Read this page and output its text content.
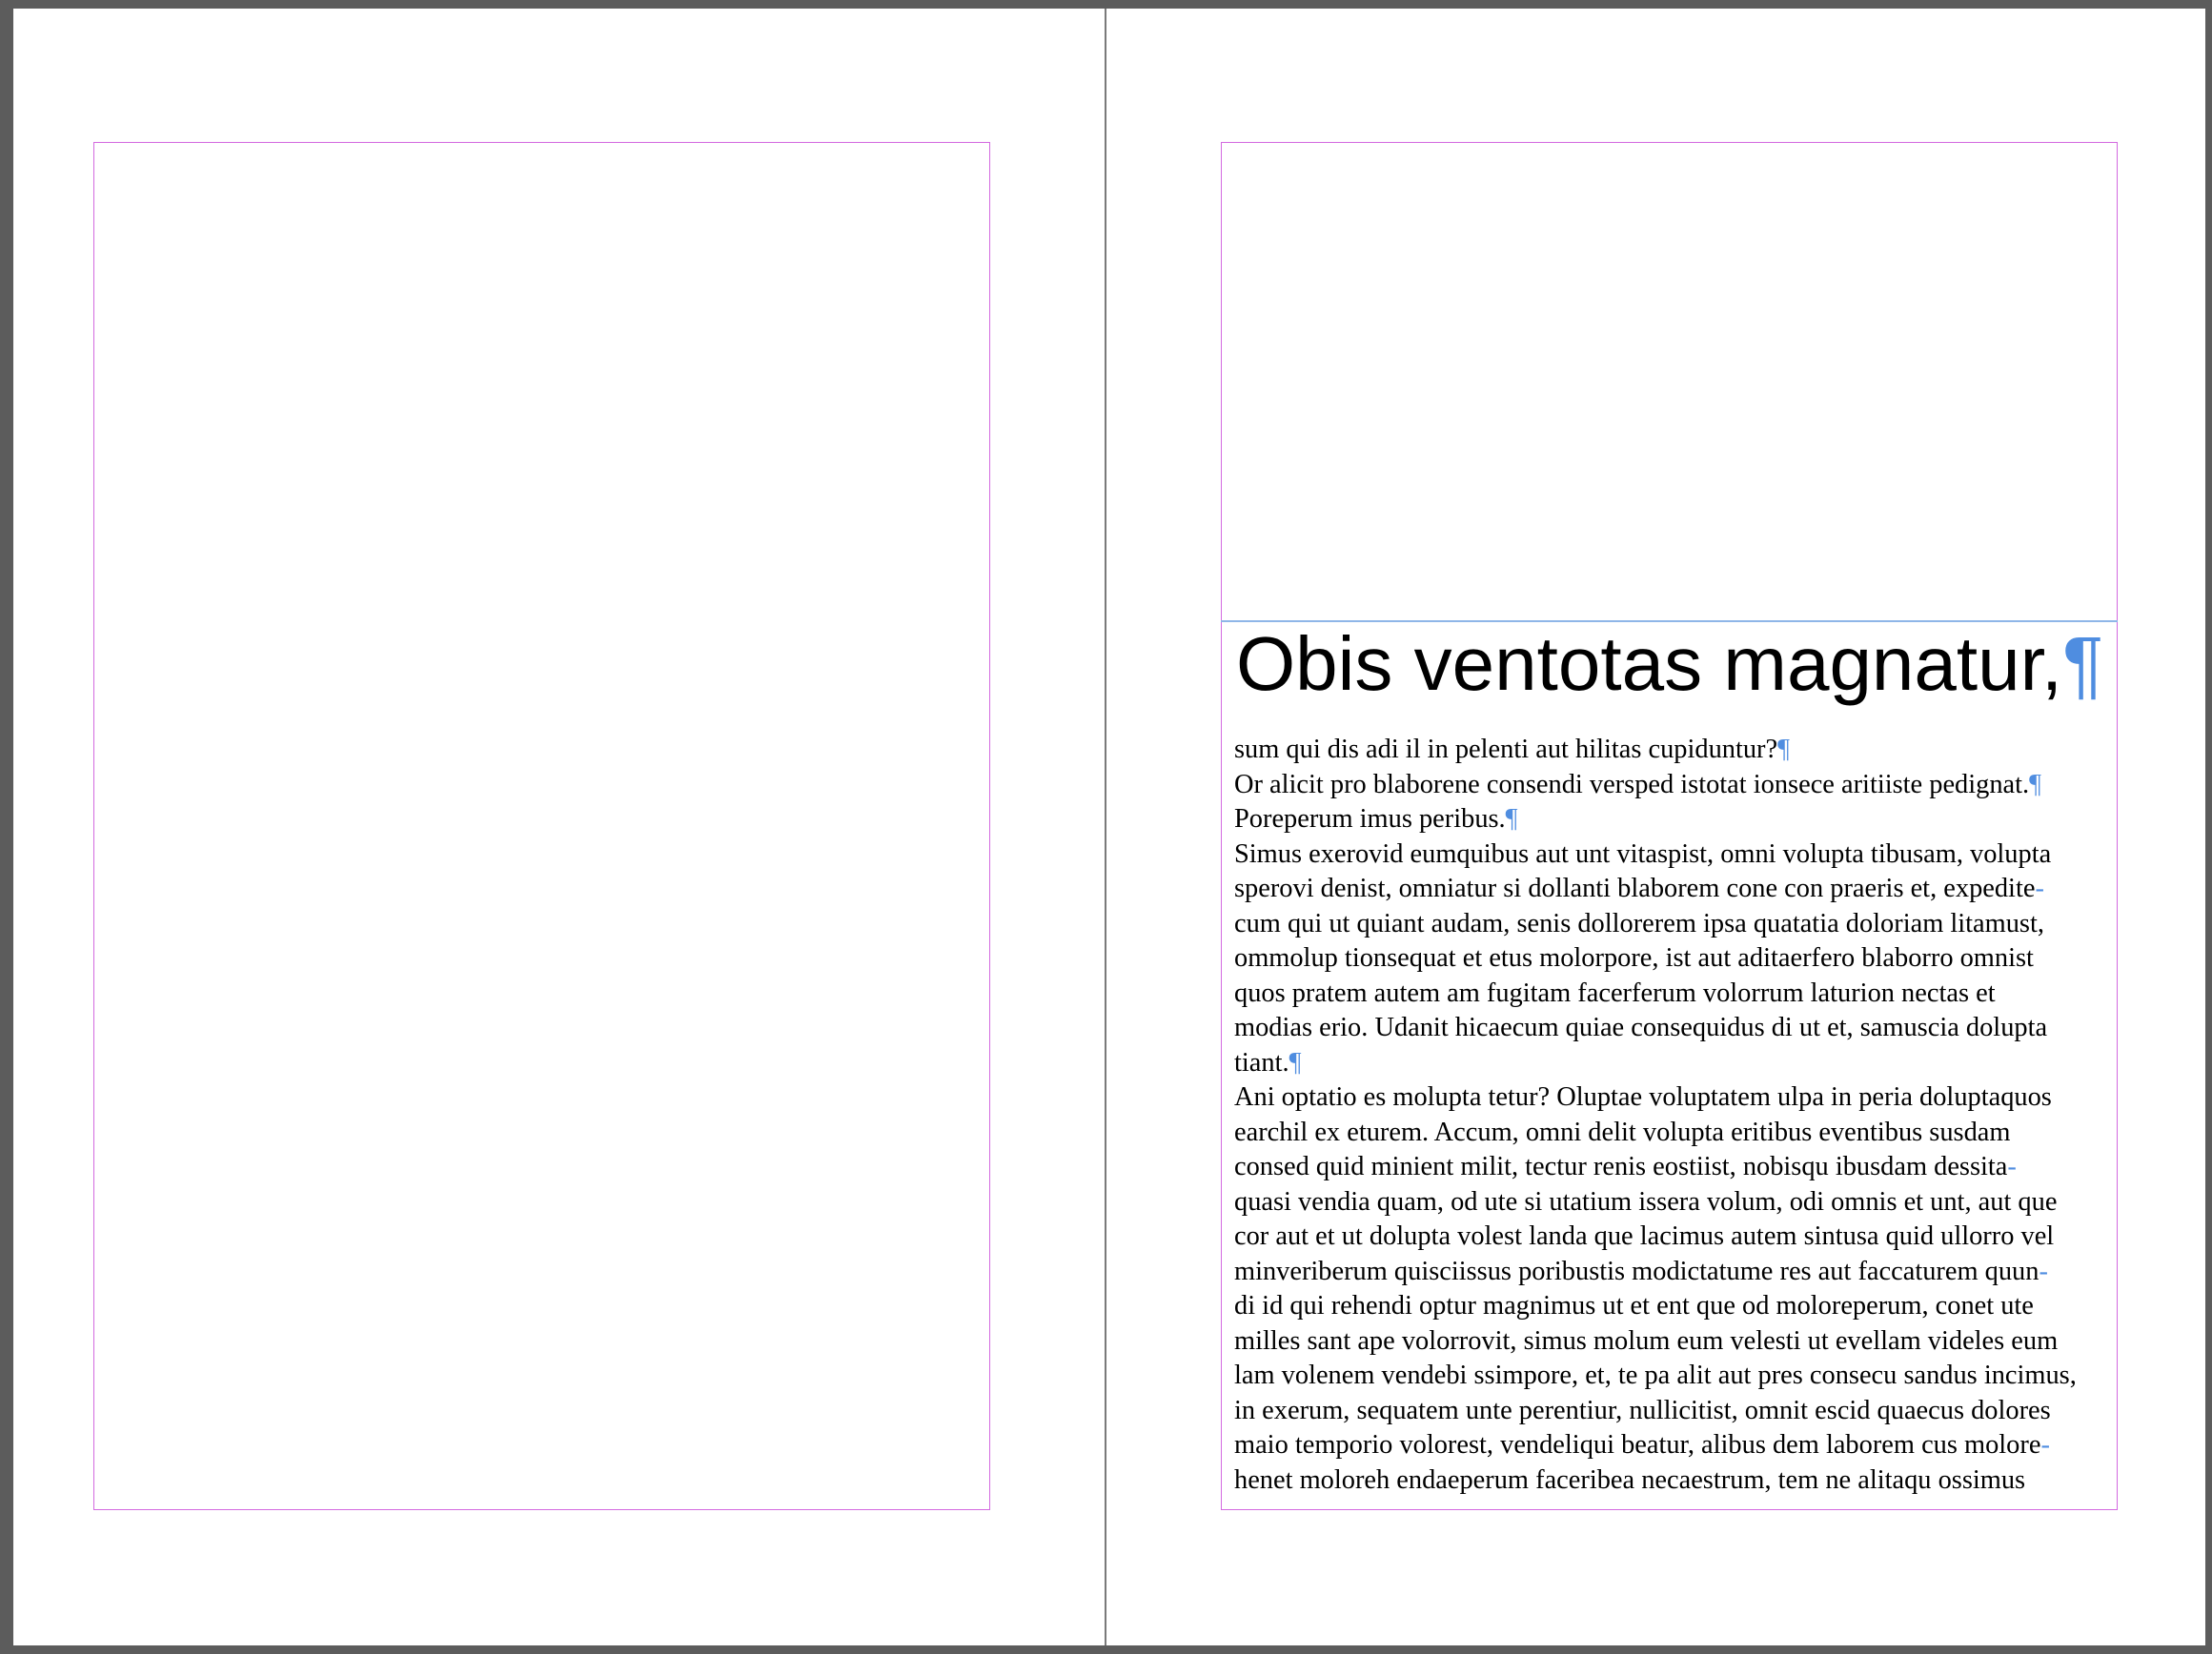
Obis ventotas magnatur,¶
sum qui dis adi il in pelenti aut hilitas cupiduntur?¶
Or alicit pro blaborene consendi versped istotat ionsece aritiiste pedignat.¶
Poreperum imus peribus.¶
Simus exerovid eumquibus aut unt vitaspist, omni volupta tibusam, volupta
sperovi denist, omniatur si dollanti blaborem cone con praeris et, expedite-
cum qui ut quiant audam, senis dollorerem ipsa quatatia doloriam litamust,
ommolup tionsequat et etus molorpore, ist aut aditaerfero blaborro omnist
quos pratem autem am fugitam facerferum volorrum laturion nectas et
modias erio. Udanit hicaecum quiae consequidus di ut et, samuscia dolupta
tiant.¶
Ani optatio es molupta tetur? Oluptae voluptatem ulpa in peria doluptaquos
earchil ex eturem. Accum, omni delit volupta eritibus eventibus susdam
consed quid minient milit, tectur renis eostiist, nobisqu ibusdam dessita-
quasi vendia quam, od ute si utatium issera volum, odi omnis et unt, aut que
cor aut et ut dolupta volest landa que lacimus autem sintusa quid ullorro vel
minveriberum quisciissus poribustis modictatume res aut faccaturem quun-
di id qui rehendi optur magnimus ut et ent que od moloreperum, conet ute
milles sant ape volorrovit, simus molum eum velesti ut evellam videles eum
lam volenem vendebi ssimpore, et, te pa alit aut pres consecu sandus incimus,
in exerum, sequatem unte perentiur, nullicitist, omnit escid quaecus dolores
maio temporio volorest, vendeliqui beatur, alibus dem laborem cus molore-
henet moloreh endaeperum faceribea necaestrum, tem ne alitaqu ossimus
